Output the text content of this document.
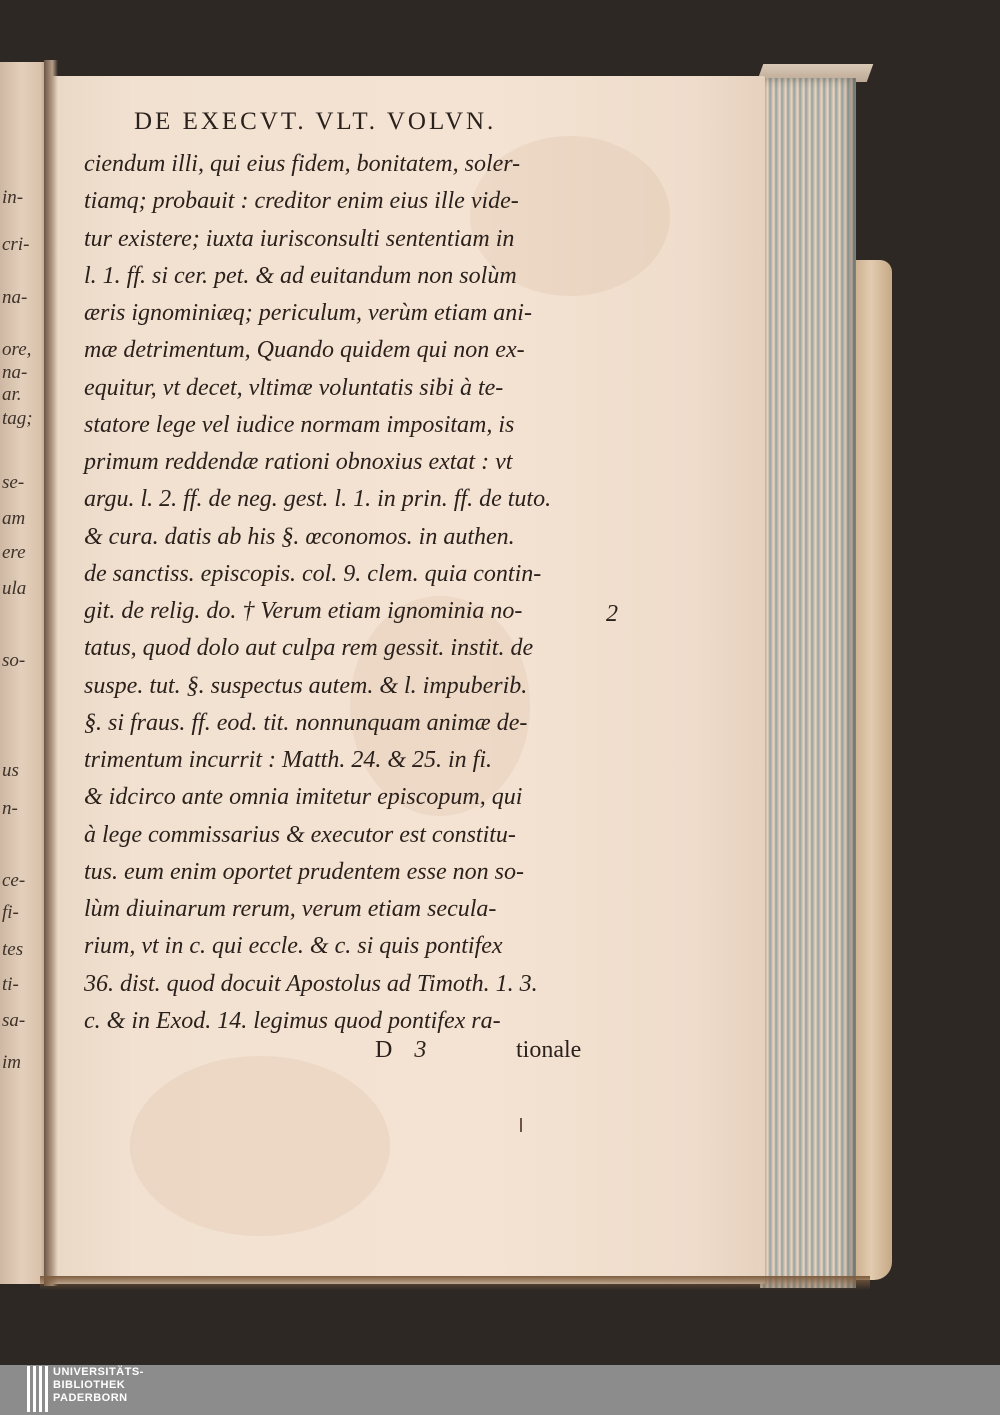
in-
cri-
na-
ore,
na-
ar.
tag;
se-
am
ere
ula
so-
us
n-
ce-
fi-
tes
ti-
sa-
im
DE EXECVT. VLT. VOLVN.
ciendum illi, qui eius fidem, bonitatem, soler-
tiamq; probauit : creditor enim eius ille vide-
tur existere; iuxta iurisconsulti sententiam in
l. 1. ff. si cer. pet. & ad euitandum non solùm
æris ignominiæq; periculum, verùm etiam ani-
mæ detrimentum, Quando quidem qui non ex-
equitur, vt decet, vltimæ voluntatis sibi à te-
statore lege vel iudice normam impositam, is
primum reddendæ rationi obnoxius extat : vt
argu. l. 2. ff. de neg. gest. l. 1. in prin. ff. de tuto.
& cura. datis ab his §. œconomos. in authen.
de sanctiss. episcopis. col. 9. clem. quia contin-
git. de relig. do. † Verum etiam ignominia no-
tatus, quod dolo aut culpa rem gessit. instit. de
suspe. tut. §. suspectus autem. & l. impuberib.
§. si fraus. ff. eod. tit. nonnunquam animæ de-
trimentum incurrit : Matth. 24. & 25. in fi.
& idcirco ante omnia imitetur episcopum, qui
à lege commissarius & executor est constitu-
tus. eum enim oportet prudentem esse non so-
lùm diuinarum rerum, verum etiam secula-
rium, vt in c. qui eccle. & c. si quis pontifex
36. dist. quod docuit Apostolus ad Timoth. 1. 3.
c. & in Exod. 14. legimus quod pontifex ra-
2
D 3	tionale
UNIVERSITÄTS-
BIBLIOTHEK
PADERBORN
